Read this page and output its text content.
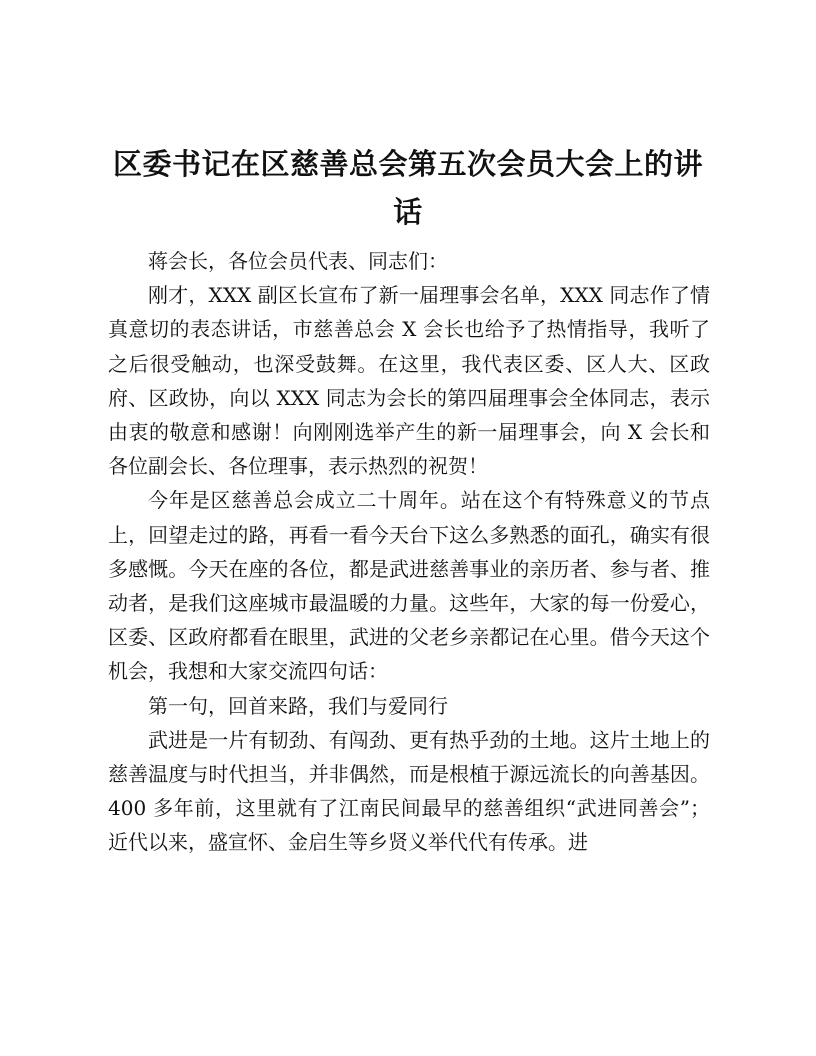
区委书记在区慈善总会第五次会员大会上的讲话

蒋会长，各位会员代表、同志们：

刚才，XXX 副区长宣布了新一届理事会名单，XXX 同志作了情真意切的表态讲话，市慈善总会 X 会长也给予了热情指导，我听了之后很受触动，也深受鼓舞。在这里，我代表区委、区人大、区政府、区政协，向以 XXX 同志为会长的第四届理事会全体同志，表示由衷的敬意和感谢！向刚刚选举产生的新一届理事会，向 X 会长和各位副会长、各位理事，表示热烈的祝贺！

今年是区慈善总会成立二十周年。站在这个有特殊意义的节点上，回望走过的路，再看一看今天台下这么多熟悉的面孔，确实有很多感慨。今天在座的各位，都是武进慈善事业的亲历者、参与者、推动者，是我们这座城市最温暖的力量。这些年，大家的每一份爱心，区委、区政府都看在眼里，武进的父老乡亲都记在心里。借今天这个机会，我想和大家交流四句话：

第一句，回首来路，我们与爱同行

武进是一片有韧劲、有闯劲、更有热乎劲的土地。这片土地上的慈善温度与时代担当，并非偶然，而是根植于源远流长的向善基因。400 多年前，这里就有了江南民间最早的慈善组织“武进同善会”；近代以来，盛宣怀、金启生等乡贤义举代代有传承。进
